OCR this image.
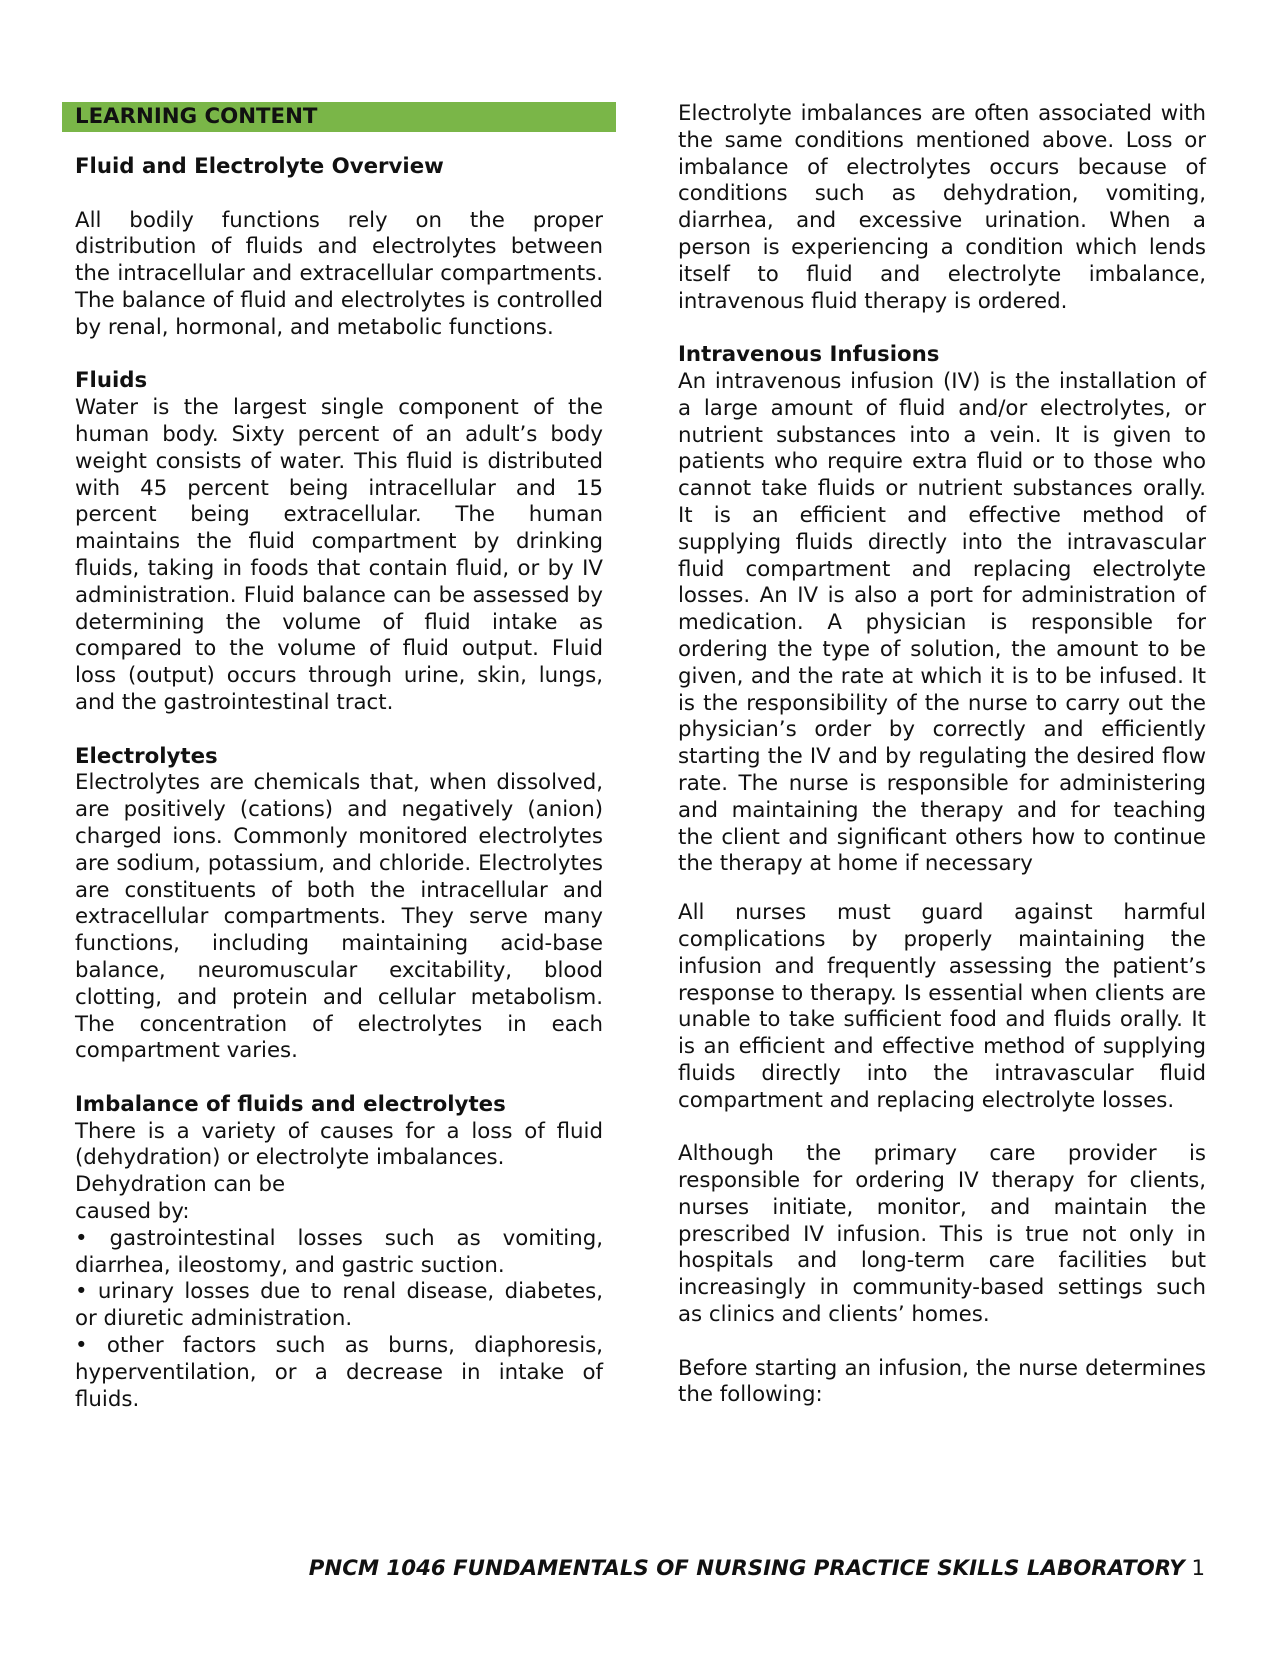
LEARNING CONTENT

Fluid and Electrolyte Overview

All bodily functions rely on the proper distribution of fluids and electrolytes between the intracellular and extracellular compartments. The balance of fluid and electrolytes is controlled by renal, hormonal, and metabolic functions.

Fluids

Water is the largest single component of the human body. Sixty percent of an adult’s body weight consists of water. This fluid is distributed with 45 percent being intracellular and 15 percent being extracellular. The human maintains the fluid compartment by drinking fluids, taking in foods that contain fluid, or by IV administration. Fluid balance can be assessed by determining the volume of fluid intake as compared to the volume of fluid output. Fluid loss (output) occurs through urine, skin, lungs, and the gastrointestinal tract.

Electrolytes

Electrolytes are chemicals that, when dissolved, are positively (cations) and negatively (anion) charged ions. Commonly monitored electrolytes are sodium, potassium, and chloride. Electrolytes are constituents of both the intracellular and extracellular compartments. They serve many functions, including maintaining acid-base balance, neuromuscular excitability, blood clotting, and protein and cellular metabolism. The concentration of electrolytes in each compartment varies.

Imbalance of fluids and electrolytes

There is a variety of causes for a loss of fluid (dehydration) or electrolyte imbalances.

Dehydration can be

caused by:

• gastrointestinal losses such as vomiting, diarrhea, ileostomy, and gastric suction.

• urinary losses due to renal disease, diabetes, or diuretic administration.

• other factors such as burns, diaphoresis, hyperventilation, or a decrease in intake of fluids.

Electrolyte imbalances are often associated with the same conditions mentioned above. Loss or imbalance of electrolytes occurs because of conditions such as dehydration, vomiting, diarrhea, and excessive urination. When a person is experiencing a condition which lends itself to fluid and electrolyte imbalance, intravenous fluid therapy is ordered.

Intravenous Infusions

An intravenous infusion (IV) is the installation of a large amount of fluid and/or electrolytes, or nutrient substances into a vein. It is given to patients who require extra fluid or to those who cannot take fluids or nutrient substances orally. It is an efficient and effective method of supplying fluids directly into the intravascular fluid compartment and replacing electrolyte losses. An IV is also a port for administration of medication. A physician is responsible for ordering the type of solution, the amount to be given, and the rate at which it is to be infused. It is the responsibility of the nurse to carry out the physician’s order by correctly and efficiently starting the IV and by regulating the desired flow rate. The nurse is responsible for administering and maintaining the therapy and for teaching the client and significant others how to continue the therapy at home if necessary

All nurses must guard against harmful complications by properly maintaining the infusion and frequently assessing the patient’s response to therapy. Is essential when clients are unable to take sufficient food and fluids orally. It is an efficient and effective method of supplying fluids directly into the intravascular fluid compartment and replacing electrolyte losses.

Although the primary care provider is responsible for ordering IV therapy for clients, nurses initiate, monitor, and maintain the prescribed IV infusion. This is true not only in hospitals and long-term care facilities but increasingly in community-based settings such as clinics and clients’ homes.

Before starting an infusion, the nurse determines the following:

PNCM 1046 FUNDAMENTALS OF NURSING PRACTICE SKILLS LABORATORY 1
